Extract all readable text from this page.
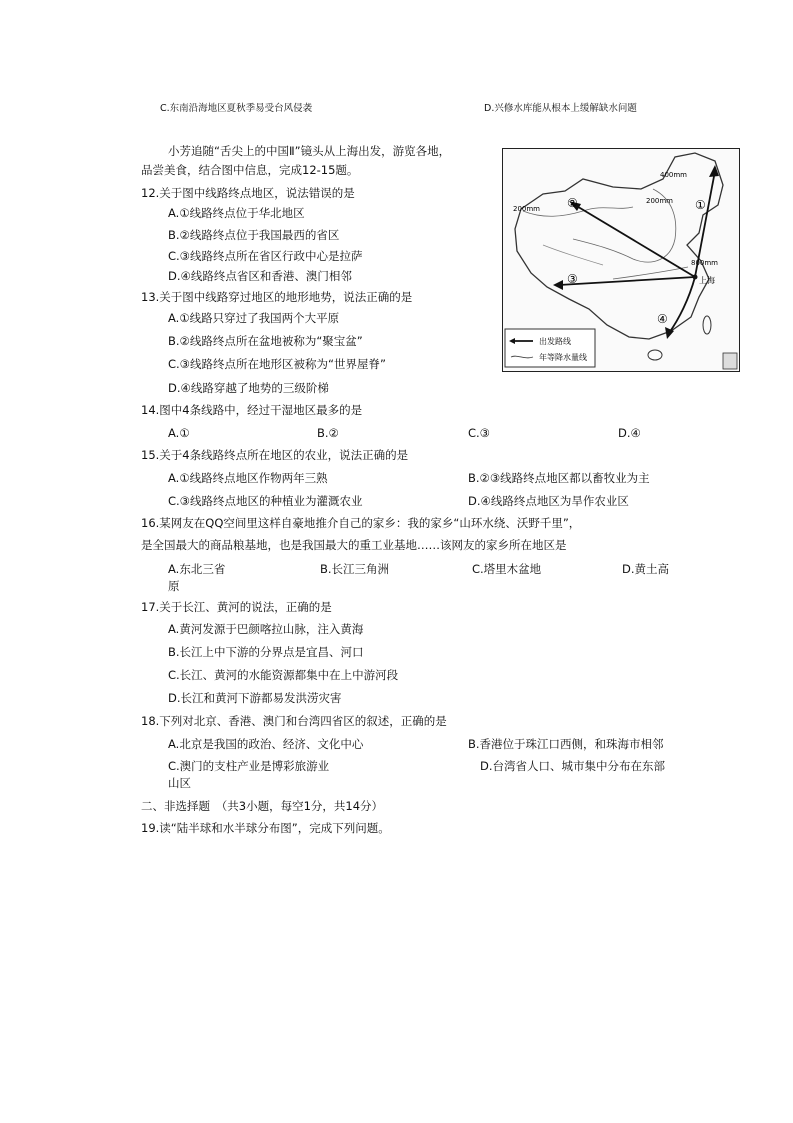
C.东南沿海地区夏秋季易受台风侵袭	D.兴修水库能从根本上缓解缺水问题
小芳追随“舌尖上的中国Ⅱ”镜头从上海出发，游览各地，
品尝美食，结合图中信息，完成12-15题。	400mm
200mm
200mm
800mm
上海
①
②
③
④
出发路线
年等降水量线
12.关于图中线路终点地区，说法错误的是
A.①线路终点位于华北地区
B.②线路终点位于我国最西的省区
C.③线路终点所在省区行政中心是拉萨
D.④线路终点省区和香港、澳门相邻
13.关于图中线路穿过地区的地形地势，说法正确的是
A.①线路只穿过了我国两个大平原
B.②线路终点所在盆地被称为“聚宝盆”
C.③线路终点所在地形区被称为“世界屋脊”
D.④线路穿越了地势的三级阶梯
14.图中4条线路中，经过干湿地区最多的是
A.①	B.②	C.③	D.④
15.关于4条线路终点所在地区的农业，说法正确的是
A.①线路终点地区作物两年三熟	B.②③线路终点地区都以畜牧业为主
C.③线路终点地区的种植业为灌溉农业	D.④线路终点地区为旱作农业区
16.某网友在QQ空间里这样自豪地推介自己的家乡：我的家乡“山环水绕、沃野千里”，
是全国最大的商品粮基地，也是我国最大的重工业基地……该网友的家乡所在地区是
A.东北三省	B.长江三角洲	C.塔里木盆地	D.黄土高
原
17.关于长江、黄河的说法，正确的是
A.黄河发源于巴颜喀拉山脉，注入黄海
B.长江上中下游的分界点是宜昌、河口
C.长江、黄河的水能资源都集中在上中游河段
D.长江和黄河下游都易发洪涝灾害
18.下列对北京、香港、澳门和台湾四省区的叙述，正确的是
A.北京是我国的政治、经济、文化中心	B.香港位于珠江口西侧，和珠海市相邻
C.澳门的支柱产业是博彩旅游业	D.台湾省人口、城市集中分布在东部
山区
二、非选择题　（共3小题，每空1分，共14分）
19.读“陆半球和水半球分布图”，完成下列问题。
